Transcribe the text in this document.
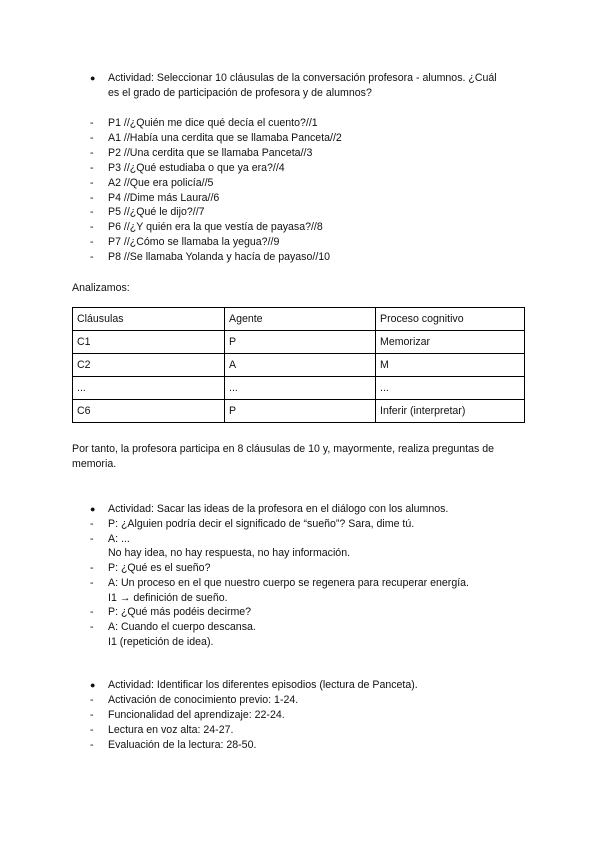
● Actividad: Seleccionar 10 cláusulas de la conversación profesora - alumnos. ¿Cuál
es el grado de participación de profesora y de alumnos?
- P1 //¿Quién me dice qué decía el cuento?//1
- A1 //Había una cerdita que se llamaba Panceta//2
- P2 //Una cerdita que se llamaba Panceta//3
- P3 //¿Qué estudiaba o que ya era?//4
- A2 //Que era policía//5
- P4 //Dime más Laura//6
- P5 //¿Qué le dijo?//7
- P6 //¿Y quién era la que vestía de payasa?//8
- P7 //¿Cómo se llamaba la yegua?//9
- P8 //Se llamaba Yolanda y hacía de payaso//10
Analizamos:
Cláusulas	Agente	Proceso cognitivo
C1	P	Memorizar
C2	A	M
...	...	...
C6	P	Inferir (interpretar)
Por tanto, la profesora participa en 8 cláusulas de 10 y, mayormente, realiza preguntas de
memoria.
● Actividad: Sacar las ideas de la profesora en el diálogo con los alumnos.
- P: ¿Alguien podría decir el significado de “sueño”? Sara, dime tú.
- A: ...
No hay idea, no hay respuesta, no hay información.
- P: ¿Qué es el sueño?
- A: Un proceso en el que nuestro cuerpo se regenera para recuperar energía.
I1 → definición de sueño.
- P: ¿Qué más podéis decirme?
- A: Cuando el cuerpo descansa.
I1 (repetición de idea).
● Actividad: Identificar los diferentes episodios (lectura de Panceta).
- Activación de conocimiento previo: 1-24.
- Funcionalidad del aprendizaje: 22-24.
- Lectura en voz alta: 24-27.
- Evaluación de la lectura: 28-50.
